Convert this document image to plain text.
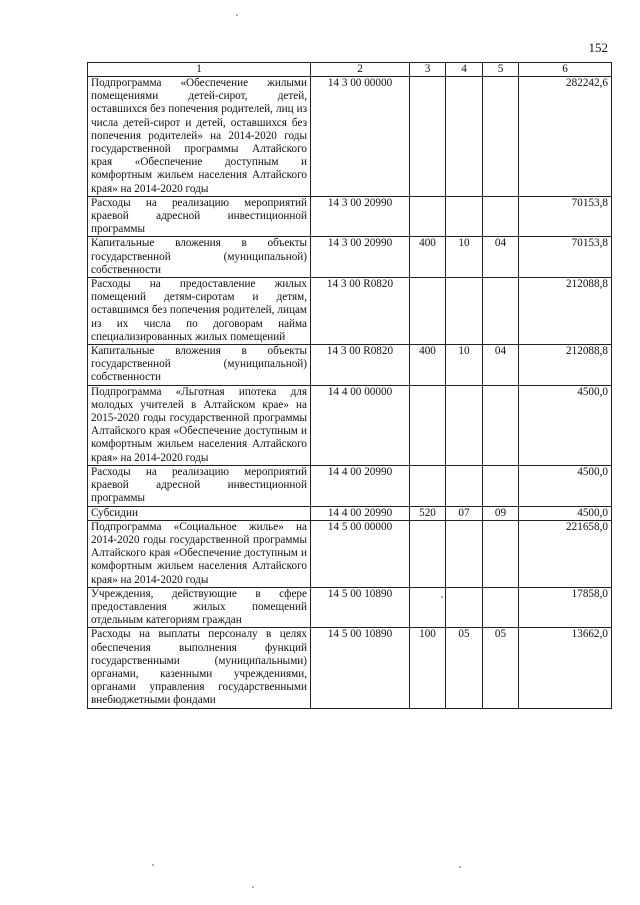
152
1	2	3	4	5	6
Подпрограмма «Обеспечение жилыми помещениями детей-сирот, детей, оставшихся без попечения родителей, лиц из числа детей-сирот и детей, оставшихся без попечения родителей» на 2014-2020 годы государственной программы Алтайского края «Обеспечение доступным и комфортным жильем населения Алтайского края» на 2014-2020 годы	14 3 00 00000				282242,6
Расходы на реализацию мероприятий краевой адресной инвестиционной программы	14 3 00 20990				70153,8
Капитальные вложения в объекты государственной (муниципальной) собственности	14 3 00 20990	400	10	04	70153,8
Расходы на предоставление жилых помещений детям-сиротам и детям, оставшимся без попечения родителей, лицам из их числа по договорам найма специализированных жилых помещений	14 3 00 R0820				212088,8
Капитальные вложения в объекты государственной (муниципальной) собственности	14 3 00 R0820	400	10	04	212088,8
Подпрограмма «Льготная ипотека для молодых учителей в Алтайском крае» на 2015-2020 годы государственной программы Алтайского края «Обеспечение доступным и комфортным жильем населения Алтайского края» на 2014-2020 годы	14 4 00 00000				4500,0
Расходы на реализацию мероприятий краевой адресной инвестиционной программы	14 4 00 20990				4500,0
Субсидии	14 4 00 20990	520	07	09	4500,0
Подпрограмма «Социальное жилье» на 2014-2020 годы государственной программы Алтайского края «Обеспечение доступным и комфортным жильем населения Алтайского края» на 2014-2020 годы	14 5 00 00000				221658,0
Учреждения, действующие в сфере предоставления жилых помещений отдельным категориям граждан	14 5 00 10890				17858,0
Расходы на выплаты персоналу в целях обеспечения выполнения функций государственными (муниципальными) органами, казенными учреждениями, органами управления государственными внебюджетными фондами	14 5 00 10890	100	05	05	13662,0
